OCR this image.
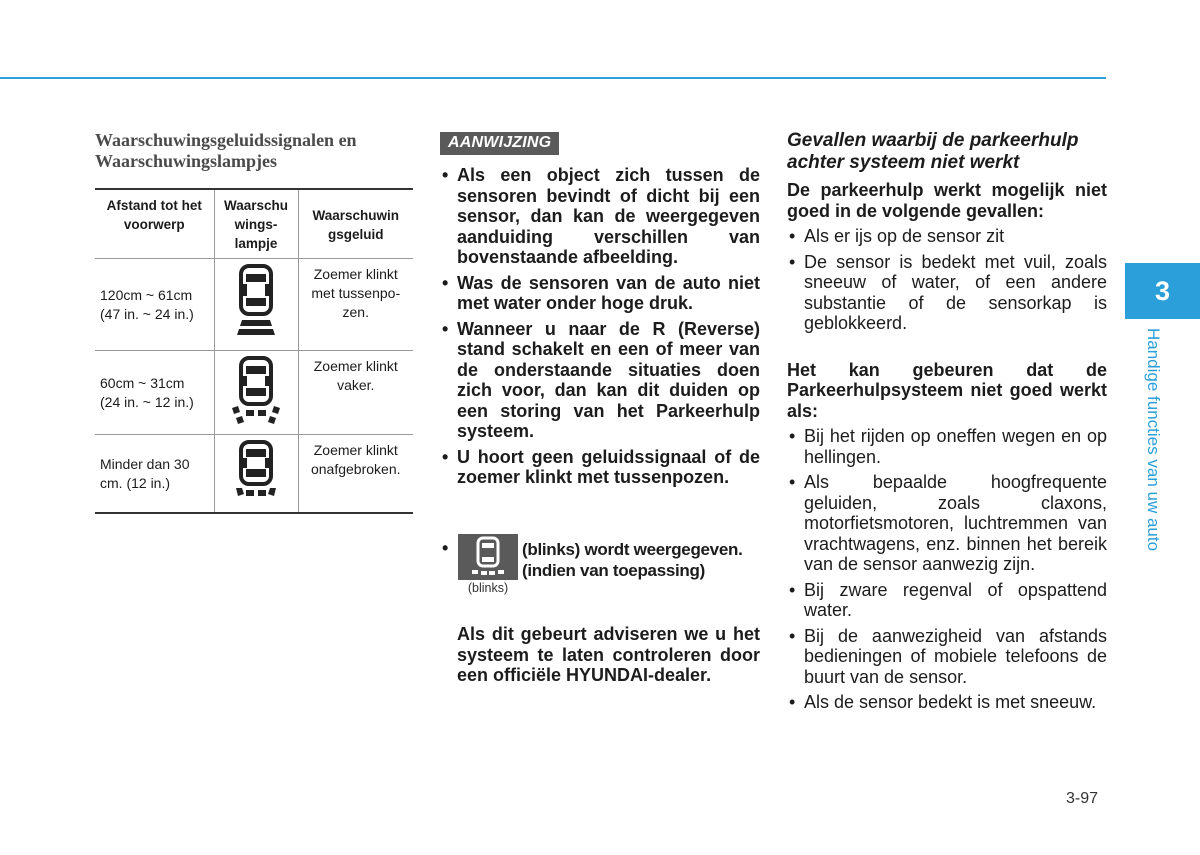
Waarschuwingsgeluidssignalen en
Waarschuwingslampjes

Afstand tot het voorwerp	Waarschu wings-lampje	Waarschuwin gsgeluid
120cm ~ 61cm
(47 in. ~ 24 in.)		Zoemer klinkt met tussenpo-zen.
60cm ~ 31cm
(24 in. ~ 12 in.)		Zoemer klinkt vaker.
Minder dan 30
cm. (12 in.)		Zoemer klinkt onafgebroken.
AANWIJZING
• Als een object zich tussen de sensoren bevindt of dicht bij een sensor, dan kan de weergegeven aanduiding verschillen van bovenstaande afbeelding.
• Was de sensoren van de auto niet met water onder hoge druk.
• Wanneer u naar de R (Reverse) stand schakelt en een of meer van de onderstaande situaties doen zich voor, dan kan dit duiden op een storing van het Parkeerhulp systeem.
• U hoort geen geluidssignaal of de zoemer klinkt met tussenpozen.
•
(blinks)
(blinks) wordt weergegeven.
(indien van toepassing)

Als dit gebeurt adviseren we u het systeem te laten controleren door een officiële HYUNDAI-dealer.

Gevallen waarbij de parkeerhulp achter systeem niet werkt

De parkeerhulp werkt mogelijk niet goed in de volgende gevallen:

• Als er ijs op de sensor zit
• De sensor is bedekt met vuil, zoals sneeuw of water, of een andere substantie of de sensorkap is geblokkeerd.

Het kan gebeuren dat de Parkeerhulpsysteem niet goed werkt als:

• Bij het rijden op oneffen wegen en op hellingen.
• Als bepaalde hoogfrequente geluiden, zoals claxons, motorfietsmotoren, luchtremmen van vrachtwagens, enz. binnen het bereik van de sensor aanwezig zijn.
• Bij zware regenval of opspattend water.
• Bij de aanwezigheid van afstands bedieningen of mobiele telefoons de buurt van de sensor.
• Als de sensor bedekt is met sneeuw.
3
Handige functies van uw auto
3-97
